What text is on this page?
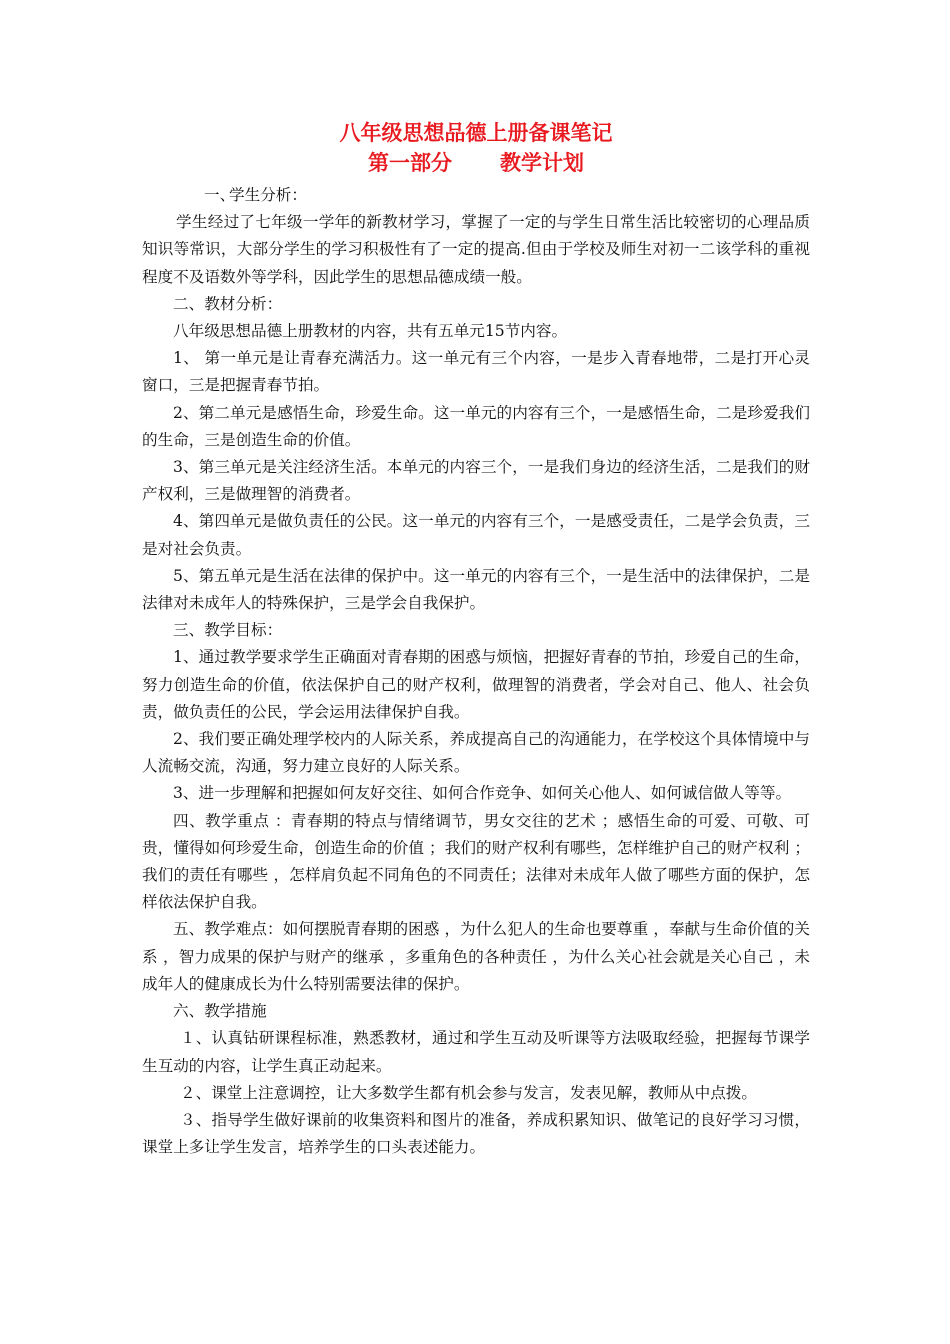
八年级思想品德上册备课笔记

第一部分 教学计划

一、学生分析：

学生经过了七年级一学年的新教材学习，掌握了一定的与学生日常生活比较密切的心理品质知识等常识，大部分学生的学习积极性有了一定的提高.但由于学校及师生对初一二该学科的重视程度不及语数外等学科，因此学生的思想品德成绩一般。

二、教材分析：

八年级思想品德上册教材的内容，共有五单元15节内容。

1、 第一单元是让青春充满活力。这一单元有三个内容，一是步入青春地带，二是打开心灵窗口，三是把握青春节拍。

2、第二单元是感悟生命，珍爱生命。这一单元的内容有三个，一是感悟生命，二是珍爱我们的生命，三是创造生命的价值。

3、第三单元是关注经济生活。本单元的内容三个，一是我们身边的经济生活，二是我们的财产权利，三是做理智的消费者。

4、第四单元是做负责任的公民。这一单元的内容有三个，一是感受责任，二是学会负责，三是对社会负责。

5、第五单元是生活在法律的保护中。这一单元的内容有三个，一是生活中的法律保护，二是法律对未成年人的特殊保护，三是学会自我保护。

三、教学目标：

1、通过教学要求学生正确面对青春期的困惑与烦恼，把握好青春的节拍，珍爱自己的生命，努力创造生命的价值，依法保护自己的财产权利，做理智的消费者，学会对自己、他人、社会负责，做负责任的公民，学会运用法律保护自我。

2、我们要正确处理学校内的人际关系，养成提高自己的沟通能力，在学校这个具体情境中与人流畅交流，沟通，努力建立良好的人际关系。

3、进一步理解和把握如何友好交往、如何合作竞争、如何关心他人、如何诚信做人等等。

四、教学重点 ：青春期的特点与情绪调节，男女交往的艺术 ；感悟生命的可爱、可敬、可贵，懂得如何珍爱生命，创造生命的价值 ；我们的财产权利有哪些，怎样维护自己的财产权利 ；我们的责任有哪些 ，怎样肩负起不同角色的不同责任；法律对未成年人做了哪些方面的保护，怎样依法保护自我。

五、教学难点：如何摆脱青春期的困惑 ，为什么犯人的生命也要尊重 ，奉献与生命价值的关系 ，智力成果的保护与财产的继承 ，多重角色的各种责任 ，为什么关心社会就是关心自己 ，未成年人的健康成长为什么特别需要法律的保护。

六、教学措施

１、认真钻研课程标准，熟悉教材，通过和学生互动及听课等方法吸取经验，把握每节课学生互动的内容，让学生真正动起来。

２、课堂上注意调控，让大多数学生都有机会参与发言，发表见解，教师从中点拨。

３、指导学生做好课前的收集资料和图片的准备，养成积累知识、做笔记的良好学习习惯，课堂上多让学生发言，培养学生的口头表述能力。
